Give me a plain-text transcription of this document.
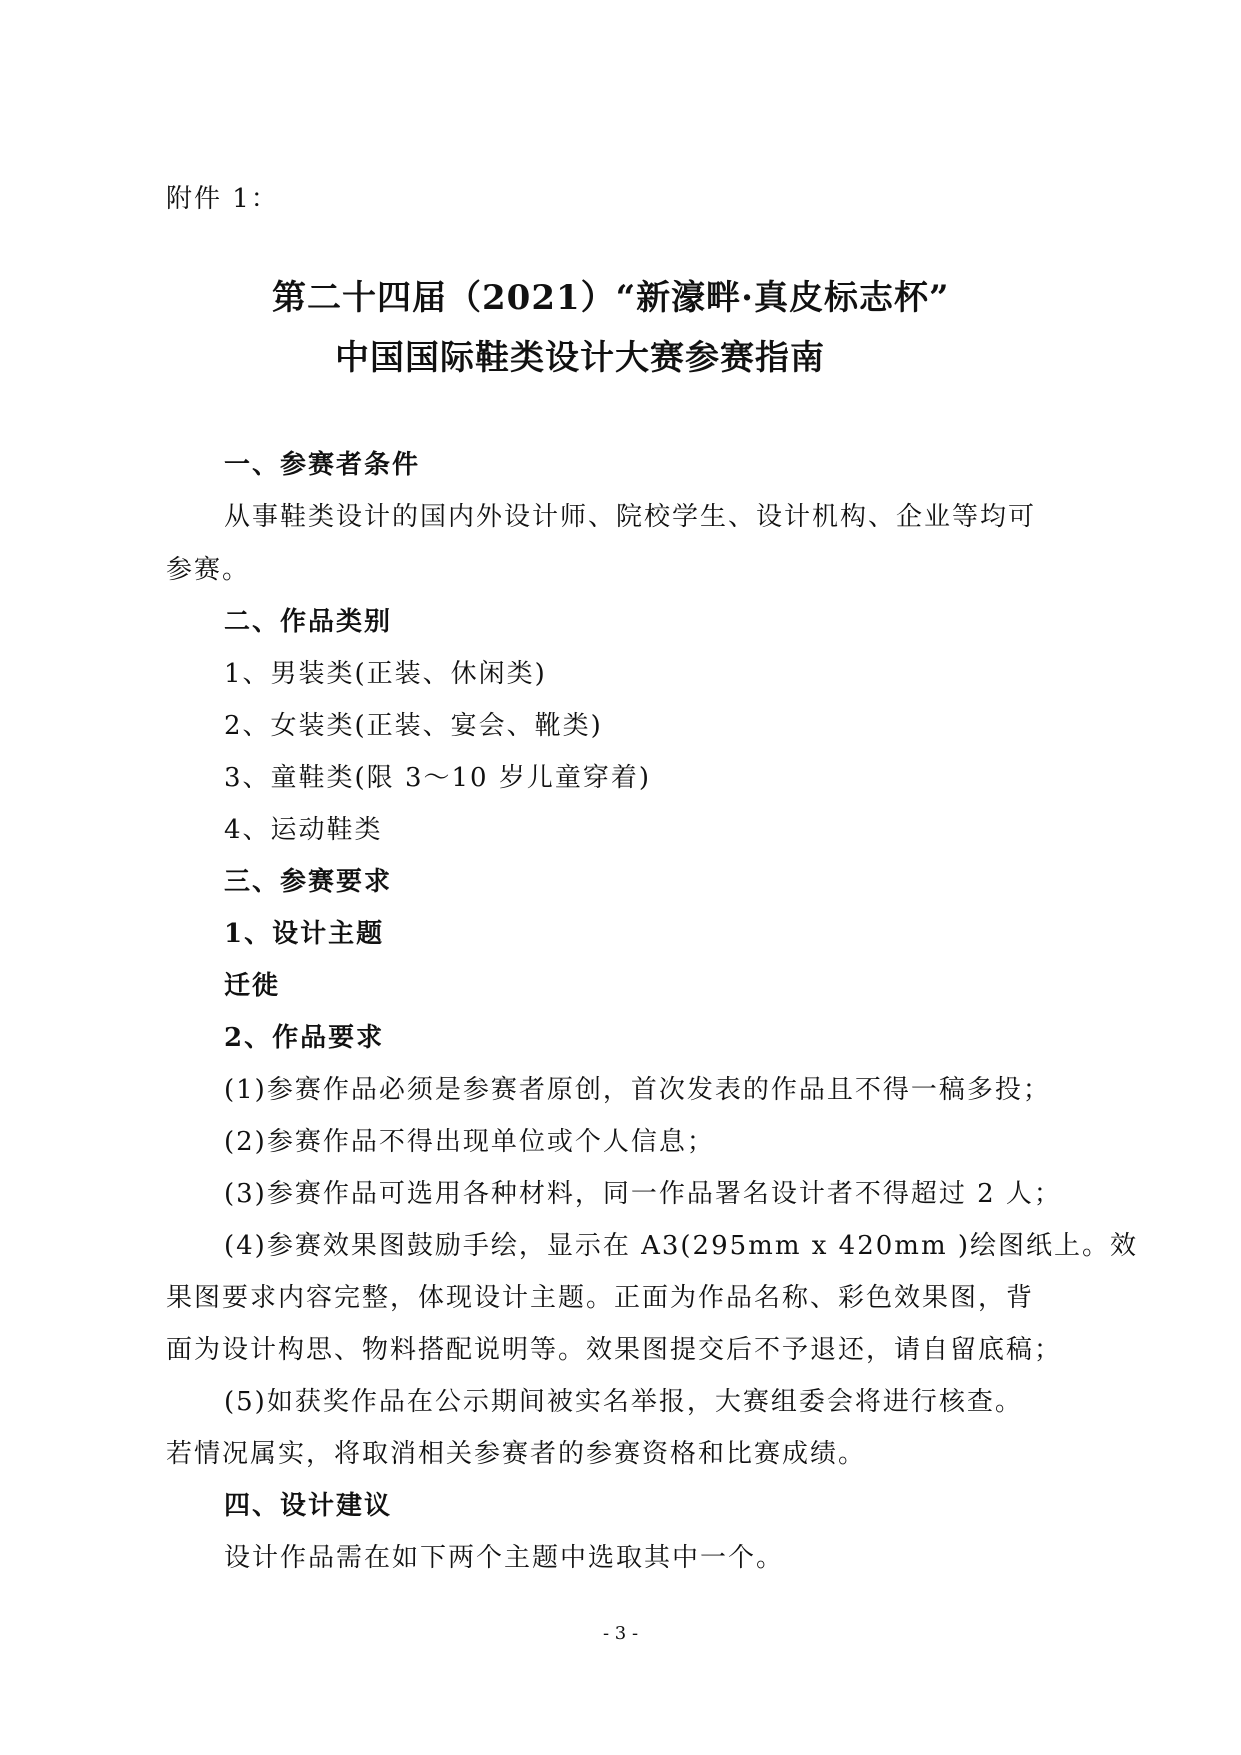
附件 1：
第二十四届（2021）“新濠畔·真皮标志杯”
中国国际鞋类设计大赛参赛指南
一、参赛者条件
从事鞋类设计的国内外设计师、院校学生、设计机构、企业等均可
参赛。
二、作品类别
1、男装类(正装、休闲类)
2、女装类(正装、宴会、靴类)
3、童鞋类(限 3～10 岁儿童穿着)
4、运动鞋类
三、参赛要求
1、设计主题
迁徙
2、作品要求
(1)参赛作品必须是参赛者原创，首次发表的作品且不得一稿多投；
(2)参赛作品不得出现单位或个人信息；
(3)参赛作品可选用各种材料，同一作品署名设计者不得超过 2 人；
(4)参赛效果图鼓励手绘，显示在 A3(295mm x 420mm )绘图纸上。效
果图要求内容完整，体现设计主题。正面为作品名称、彩色效果图，背
面为设计构思、物料搭配说明等。效果图提交后不予退还，请自留底稿；
(5)如获奖作品在公示期间被实名举报，大赛组委会将进行核查。
若情况属实，将取消相关参赛者的参赛资格和比赛成绩。
四、设计建议
设计作品需在如下两个主题中选取其中一个。
- 3 -
